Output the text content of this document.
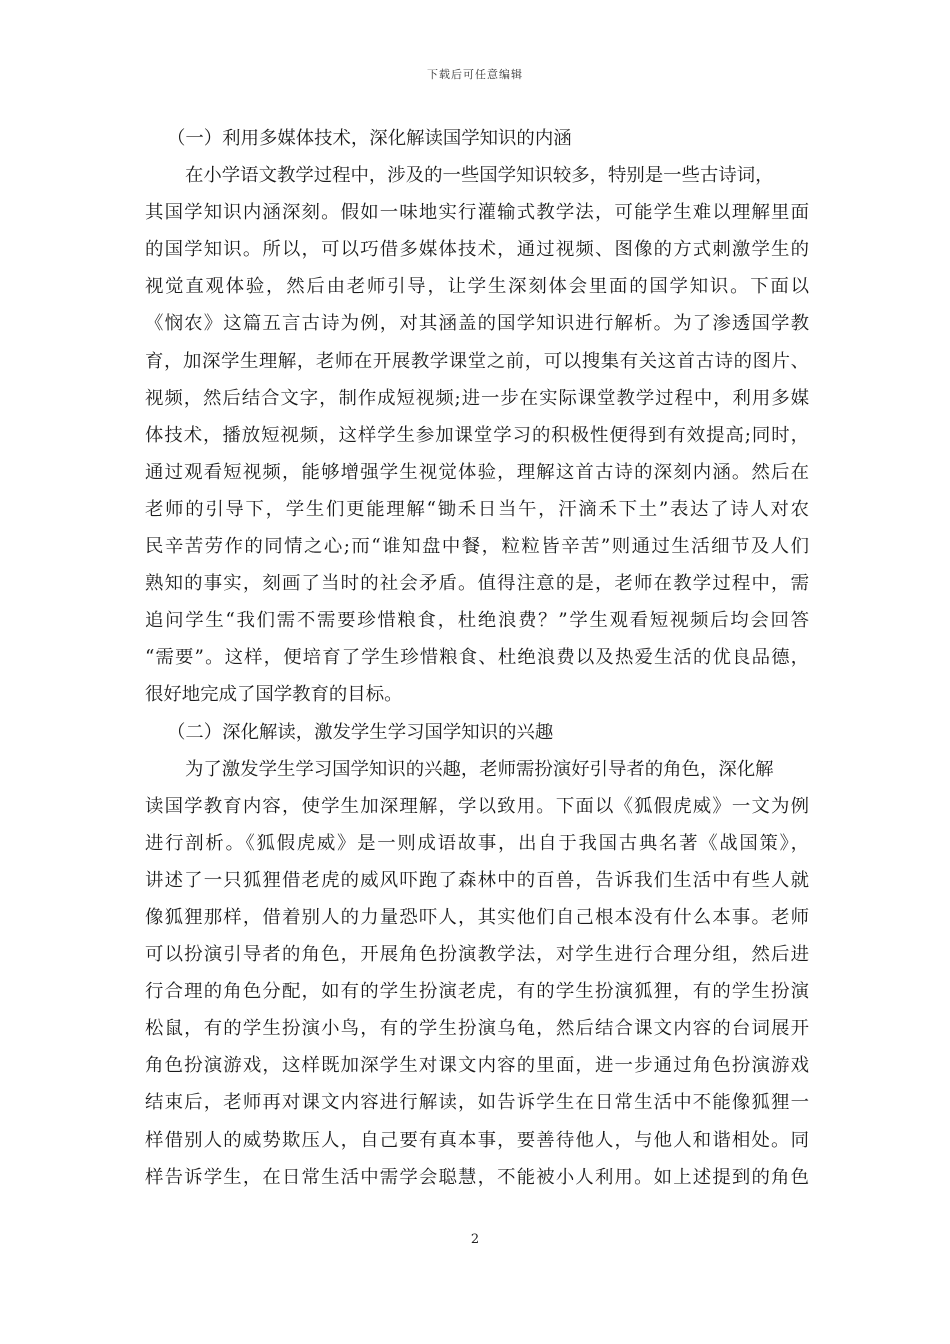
下载后可任意编辑
（一）利用多媒体技术，深化解读国学知识的内涵
在小学语文教学过程中，涉及的一些国学知识较多，特别是一些古诗词，
其国学知识内涵深刻。假如一味地实行灌输式教学法，可能学生难以理解里面
的国学知识。所以，可以巧借多媒体技术，通过视频、图像的方式刺激学生的
视觉直观体验，然后由老师引导，让学生深刻体会里面的国学知识。下面以
《悯农》这篇五言古诗为例，对其涵盖的国学知识进行解析。为了渗透国学教
育，加深学生理解，老师在开展教学课堂之前，可以搜集有关这首古诗的图片、
视频，然后结合文字，制作成短视频;进一步在实际课堂教学过程中，利用多媒
体技术，播放短视频，这样学生参加课堂学习的积极性便得到有效提高;同时，
通过观看短视频，能够增强学生视觉体验，理解这首古诗的深刻内涵。然后在
老师的引导下，学生们更能理解“锄禾日当午，汗滴禾下土”表达了诗人对农
民辛苦劳作的同情之心;而“谁知盘中餐，粒粒皆辛苦”则通过生活细节及人们
熟知的事实，刻画了当时的社会矛盾。值得注意的是，老师在教学过程中，需
追问学生“我们需不需要珍惜粮食，杜绝浪费？”学生观看短视频后均会回答
“需要”。这样，便培育了学生珍惜粮食、杜绝浪费以及热爱生活的优良品德，
很好地完成了国学教育的目标。
（二）深化解读，激发学生学习国学知识的兴趣
为了激发学生学习国学知识的兴趣，老师需扮演好引导者的角色，深化解
读国学教育内容，使学生加深理解，学以致用。下面以《狐假虎威》一文为例
进行剖析。《狐假虎威》是一则成语故事，出自于我国古典名著《战国策》，
讲述了一只狐狸借老虎的威风吓跑了森林中的百兽，告诉我们生活中有些人就
像狐狸那样，借着别人的力量恐吓人，其实他们自己根本没有什么本事。老师
可以扮演引导者的角色，开展角色扮演教学法，对学生进行合理分组，然后进
行合理的角色分配，如有的学生扮演老虎，有的学生扮演狐狸，有的学生扮演
松鼠，有的学生扮演小鸟，有的学生扮演乌龟，然后结合课文内容的台词展开
角色扮演游戏，这样既加深学生对课文内容的里面，进一步通过角色扮演游戏
结束后，老师再对课文内容进行解读，如告诉学生在日常生活中不能像狐狸一
样借别人的威势欺压人，自己要有真本事，要善待他人，与他人和谐相处。同
样告诉学生，在日常生活中需学会聪慧，不能被小人利用。如上述提到的角色
2
